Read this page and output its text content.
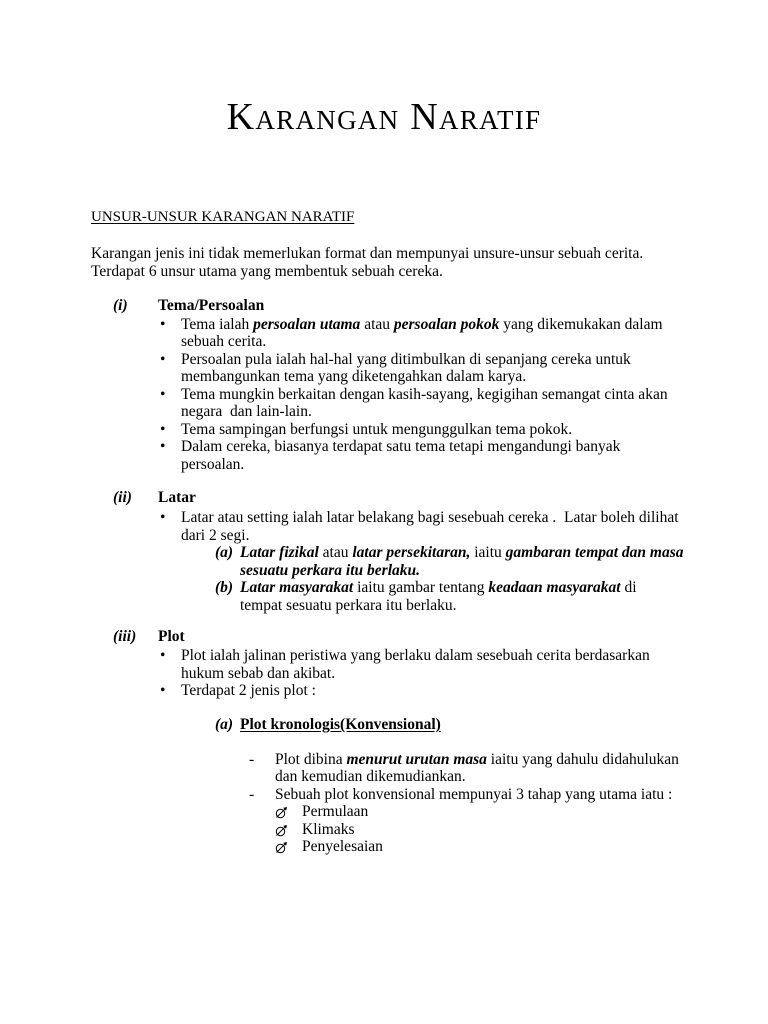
Karangan Naratif
UNSUR-UNSUR KARANGAN NARATIF
Karangan jenis ini tidak memerlukan format dan mempunyai unsure-unsur sebuah cerita.
Terdapat 6 unsur utama yang membentuk sebuah cereka.
(i) Tema/Persoalan
• Tema ialah persoalan utama atau persoalan pokok yang dikemukakan dalam
sebuah cerita.
• Persoalan pula ialah hal-hal yang ditimbulkan di sepanjang cereka untuk
membangunkan tema yang diketengahkan dalam karya.
• Tema mungkin berkaitan dengan kasih-sayang, kegigihan semangat cinta akan
negara  dan lain-lain.
• Tema sampingan berfungsi untuk mengunggulkan tema pokok.
• Dalam cereka, biasanya terdapat satu tema tetapi mengandungi banyak
persoalan.
(ii) Latar
• Latar atau setting ialah latar belakang bagi sesebuah cereka .  Latar boleh dilihat
dari 2 segi.
(a) Latar fizikal atau latar persekitaran, iaitu gambaran tempat dan masa
sesuatu perkara itu berlaku.
(b) Latar masyarakat iaitu gambar tentang keadaan masyarakat di
tempat sesuatu perkara itu berlaku.
(iii) Plot
• Plot ialah jalinan peristiwa yang berlaku dalam sesebuah cerita berdasarkan
hukum sebab dan akibat.
• Terdapat 2 jenis plot :
(a) Plot kronologis(Konvensional)
- Plot dibina menurut urutan masa iaitu yang dahulu didahulukan
dan kemudian dikemudiankan.
- Sebuah plot konvensional mempunyai 3 tahap yang utama iatu :
Permulaan
Klimaks
Penyelesaian
